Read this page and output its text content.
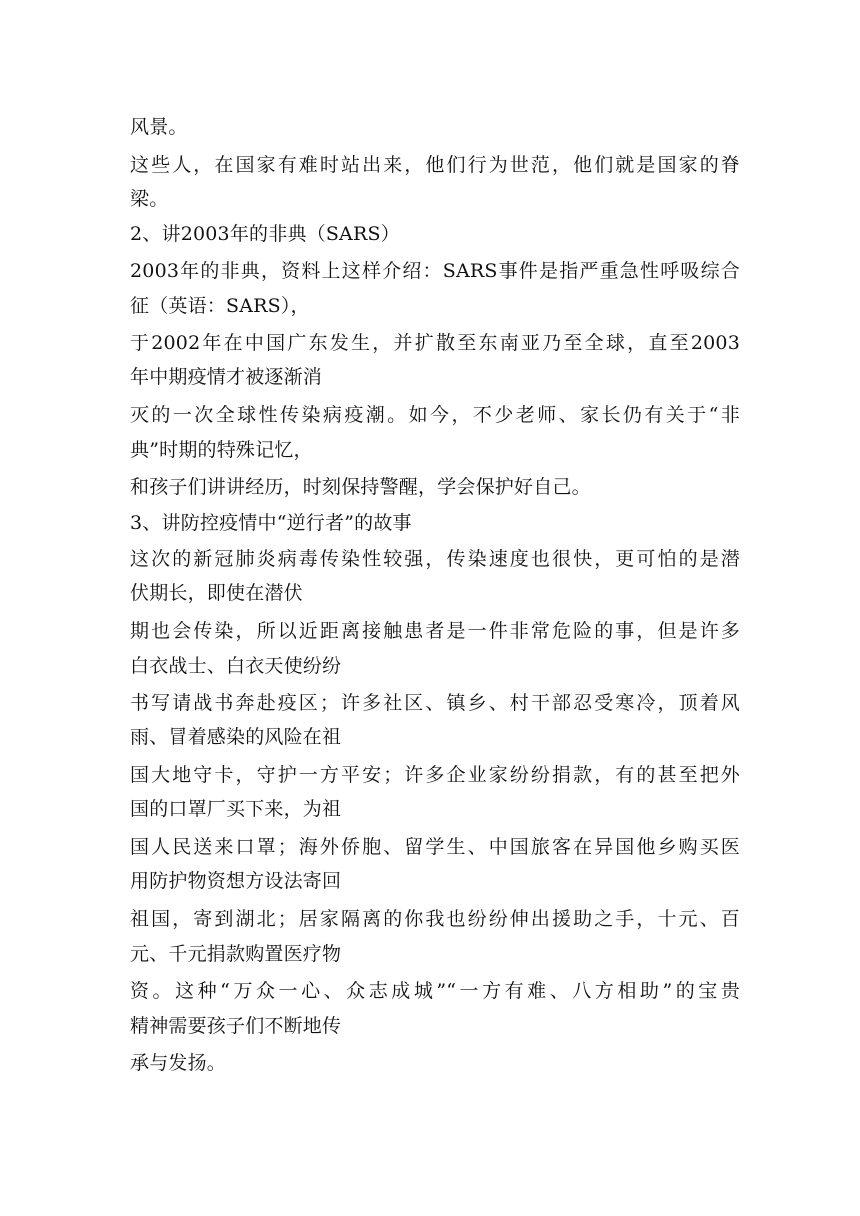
风景。
这些人，在国家有难时站出来，他们行为世范，他们就是国家的脊
梁。
2、讲2003年的非典（SARS）
2003年的非典，资料上这样介绍：SARS事件是指严重急性呼吸综合
征（英语：SARS），
于2002年在中国广东发生，并扩散至东南亚乃至全球，直至2003
年中期疫情才被逐渐消
灭的一次全球性传染病疫潮。如今，不少老师、家长仍有关于“非
典”时期的特殊记忆，
和孩子们讲讲经历，时刻保持警醒，学会保护好自己。
3、讲防控疫情中“逆行者”的故事
这次的新冠肺炎病毒传染性较强，传染速度也很快，更可怕的是潜
伏期长，即使在潜伏
期也会传染，所以近距离接触患者是一件非常危险的事，但是许多
白衣战士、白衣天使纷纷
书写请战书奔赴疫区；许多社区、镇乡、村干部忍受寒冷，顶着风
雨、冒着感染的风险在祖
国大地守卡，守护一方平安；许多企业家纷纷捐款，有的甚至把外
国的口罩厂买下来，为祖
国人民送来口罩；海外侨胞、留学生、中国旅客在异国他乡购买医
用防护物资想方设法寄回
祖国，寄到湖北；居家隔离的你我也纷纷伸出援助之手，十元、百
元、千元捐款购置医疗物
资。这种“万众一心、众志成城”“一方有难、八方相助”的宝贵
精神需要孩子们不断地传
承与发扬。
